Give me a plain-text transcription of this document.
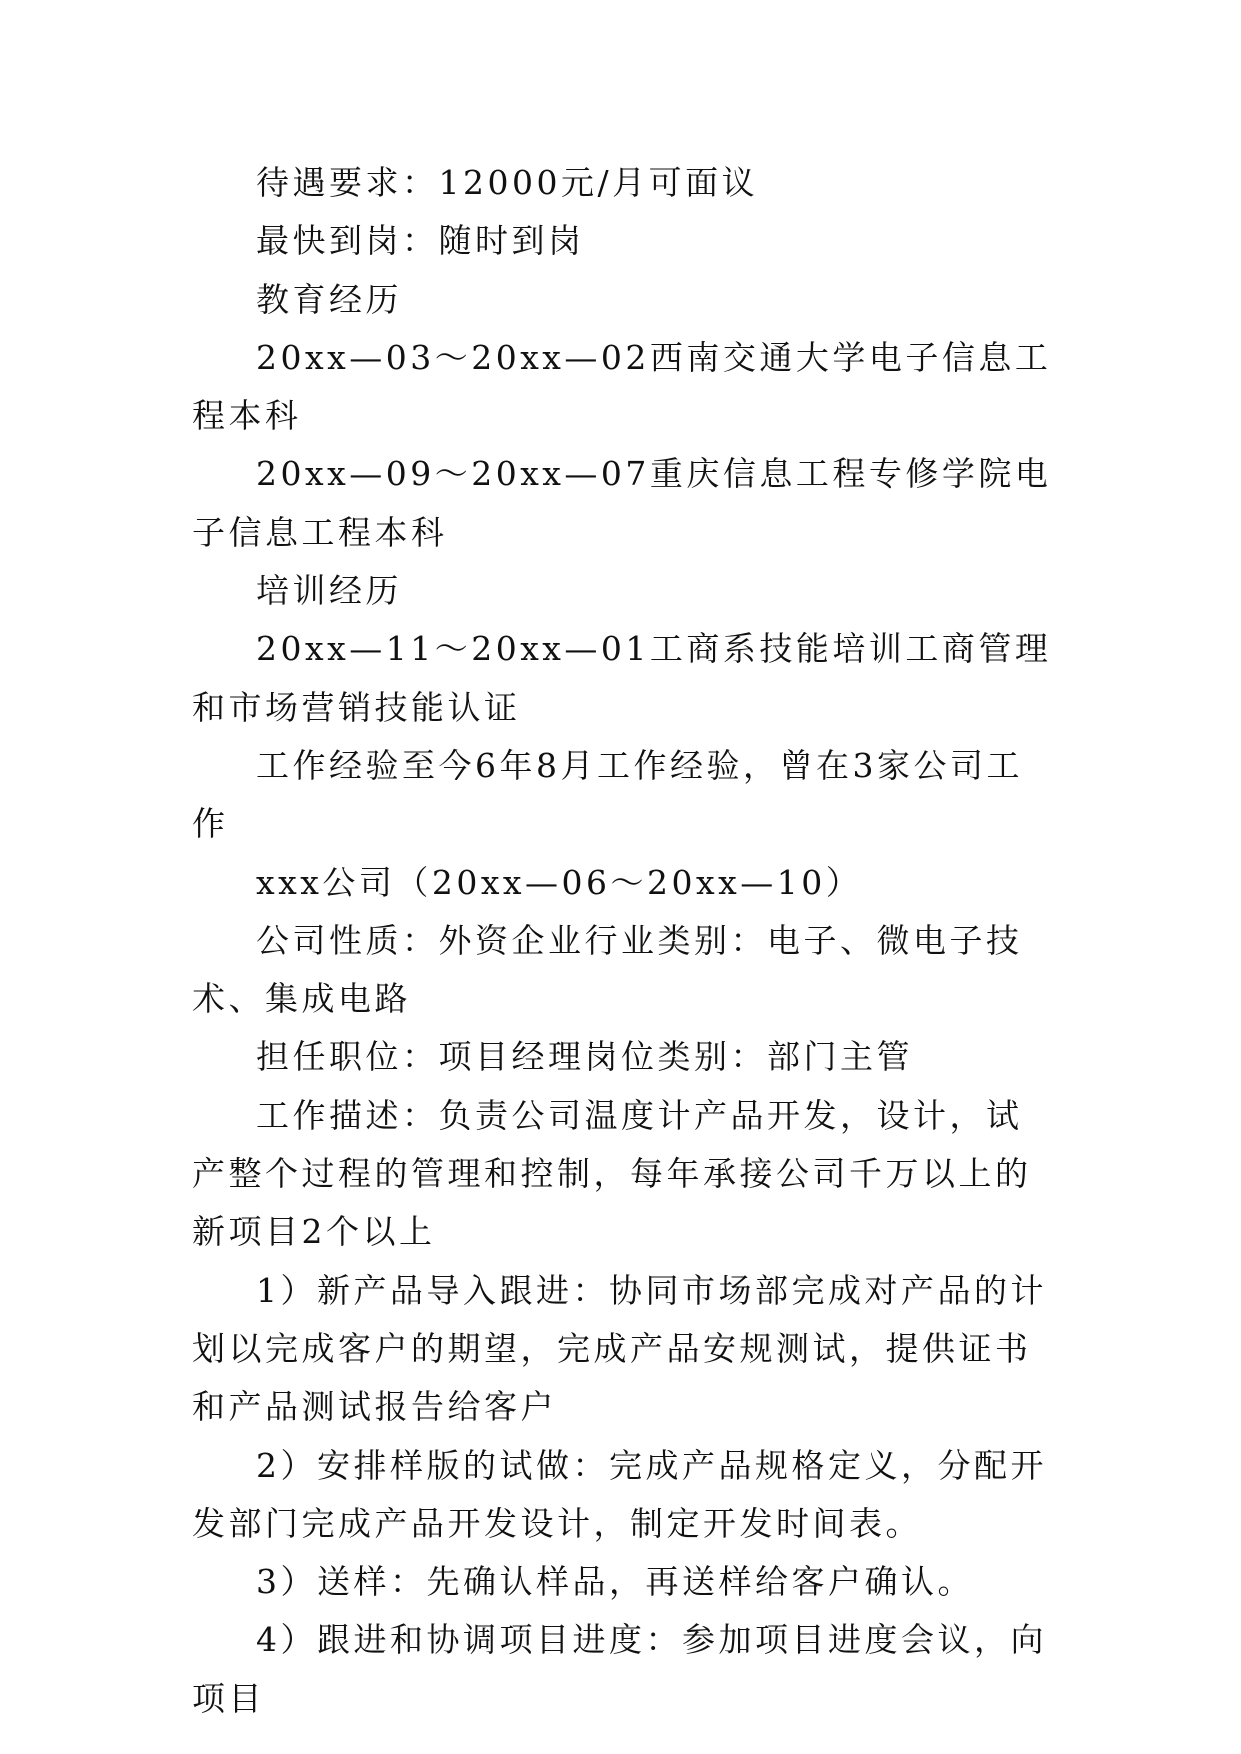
待遇要求：12000元/月可面议

最快到岗：随时到岗

教育经历

20xx—03～20xx—02西南交通大学电子信息工程本科

20xx—09～20xx—07重庆信息工程专修学院电子信息工程本科

培训经历

20xx—11～20xx—01工商系技能培训工商管理和市场营销技能认证

工作经验至今6年8月工作经验，曾在3家公司工作

xxx公司（20xx—06～20xx—10）

公司性质：外资企业行业类别：电子、微电子技术、集成电路

担任职位：项目经理岗位类别：部门主管

工作描述：负责公司温度计产品开发，设计，试产整个过程的管理和控制，每年承接公司千万以上的新项目2个以上

1）新产品导入跟进：协同市场部完成对产品的计划以完成客户的期望，完成产品安规测试，提供证书和产品测试报告给客户

2）安排样版的试做：完成产品规格定义，分配开发部门完成产品开发设计，制定开发时间表。

3）送样：先确认样品，再送样给客户确认。

4）跟进和协调项目进度：参加项目进度会议，向项目
